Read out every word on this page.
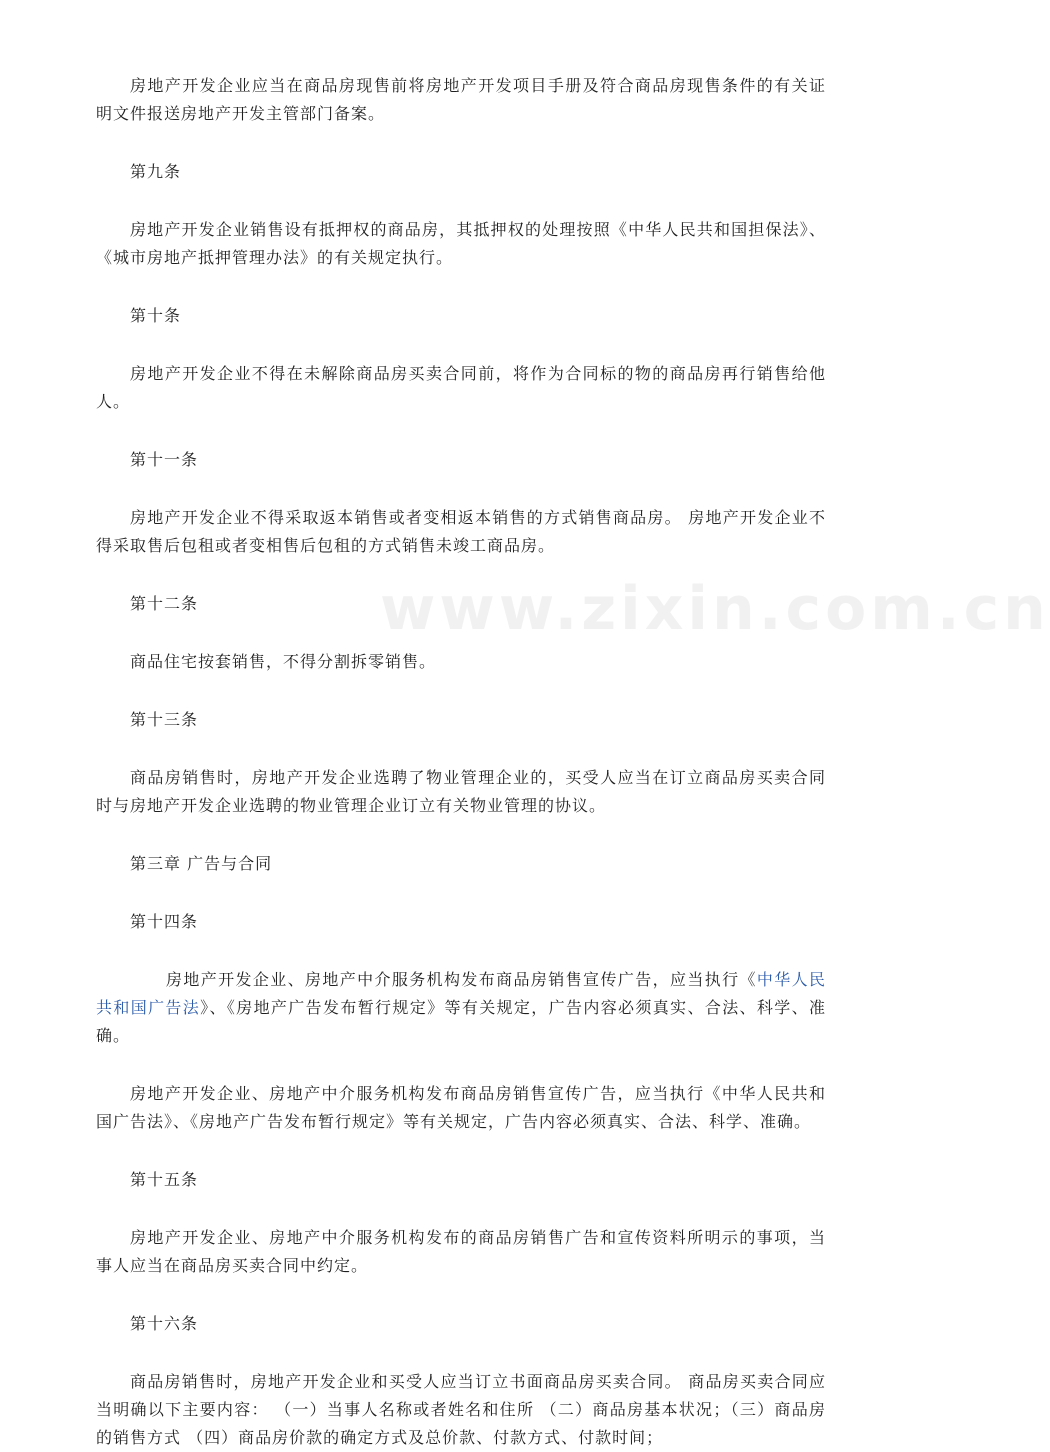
www.zixin.com.cn

房地产开发企业应当在商品房现售前将房地产开发项目手册及符合商品房现售条件的有关证明文件报送房地产开发主管部门备案。

第九条

房地产开发企业销售设有抵押权的商品房，其抵押权的处理按照《中华人民共和国担保法》、《城市房地产抵押管理办法》的有关规定执行。

第十条

房地产开发企业不得在未解除商品房买卖合同前，将作为合同标的物的商品房再行销售给他人。

第十一条

房地产开发企业不得采取返本销售或者变相返本销售的方式销售商品房。 房地产开发企业不得采取售后包租或者变相售后包租的方式销售未竣工商品房。

第十二条

商品住宅按套销售，不得分割拆零销售。

第十三条

商品房销售时，房地产开发企业选聘了物业管理企业的，买受人应当在订立商品房买卖合同时与房地产开发企业选聘的物业管理企业订立有关物业管理的协议。

第三章 广告与合同

第十四条

房地产开发企业、房地产中介服务机构发布商品房销售宣传广告，应当执行《中华人民共和国广告法》、《房地产广告发布暂行规定》等有关规定，广告内容必须真实、合法、科学、准确。

房地产开发企业、房地产中介服务机构发布商品房销售宣传广告，应当执行《中华人民共和国广告法》、《房地产广告发布暂行规定》等有关规定，广告内容必须真实、合法、科学、准确。

第十五条

房地产开发企业、房地产中介服务机构发布的商品房销售广告和宣传资料所明示的事项，当事人应当在商品房买卖合同中约定。

第十六条

商品房销售时，房地产开发企业和买受人应当订立书面商品房买卖合同。 商品房买卖合同应当明确以下主要内容： （一）当事人名称或者姓名和住所 （二）商品房基本状况；（三）商品房的销售方式 （四）商品房价款的确定方式及总价款、付款方式、付款时间；
